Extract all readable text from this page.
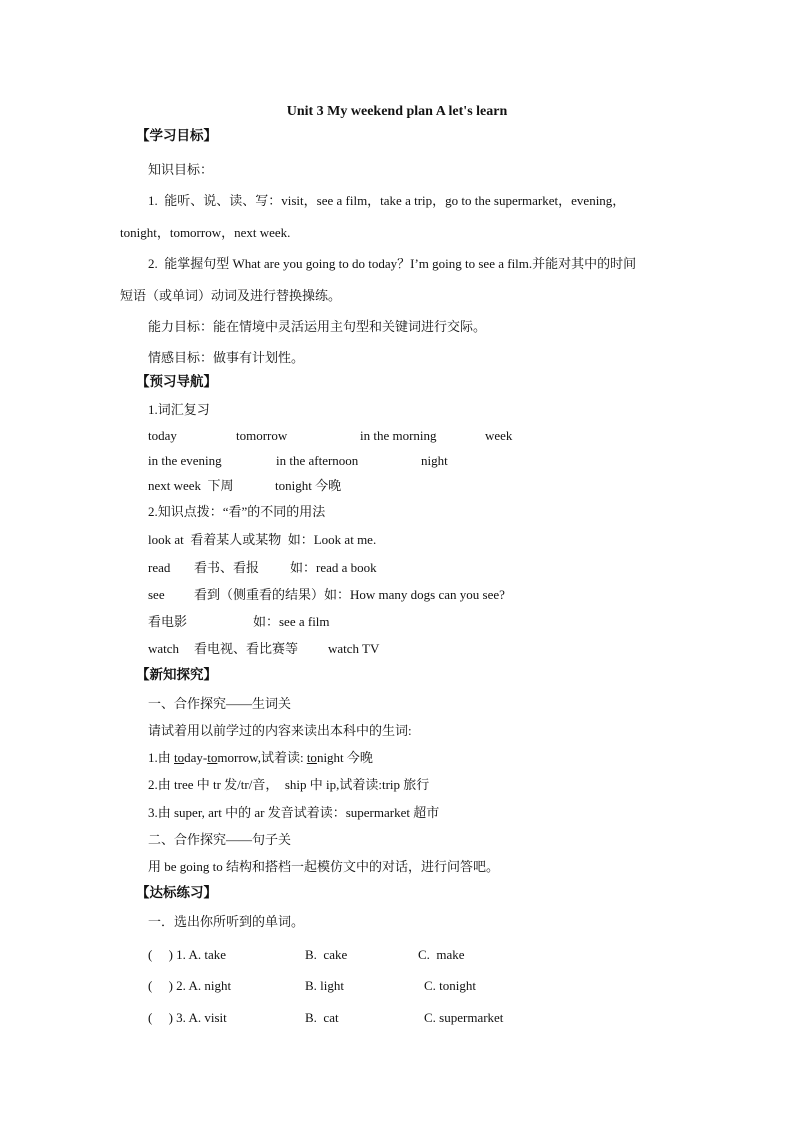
Unit 3 My weekend plan A let's learn
【学习目标】
知识目标：
1.  能听、说、读、写：visit，see a film，take a trip，go to the supermarket，evening，
tonight，tomorrow，next week.
2.  能掌握句型 What are you going to do today？I’m going to see a film.并能对其中的时间
短语（或单词）动词及进行替换操练。
能力目标：能在情境中灵活运用主句型和关键词进行交际。
情感目标：做事有计划性。
【预习导航】
1.词汇复习
today	tomorrow	in the morning	week
in the evening	in the afternoon	night
next week  下周	tonight 今晚
2.知识点拨：“看”的不同的用法
look at  看着某人或某物  如：Look at me.
read 看书、看报 如：read a book
see 看到（侧重看的结果）如：How many dogs can you see?
看电影	如：see a film
watch 看电视、看比赛等 watch TV
【新知探究】
一、合作探究——生词关
请试着用以前学过的内容来读出本科中的生词:
1.由 today-tomorrow,试着读: tonight 今晚
2.由 tree 中 tr 发/tr/音，  ship 中 ip,试着读:trip 旅行
3.由 super, art 中的 ar 发音试着读：supermarket 超市
二、合作探究——句子关
用 be going to 结构和搭档一起模仿文中的对话，进行问答吧。
【达标练习】
一．选出你所听到的单词。
(     ) 1. A. take	B.  cake	C.  make
(     ) 2. A. night	B. light	C. tonight
(     ) 3. A. visit	B.  cat	C. supermarket
